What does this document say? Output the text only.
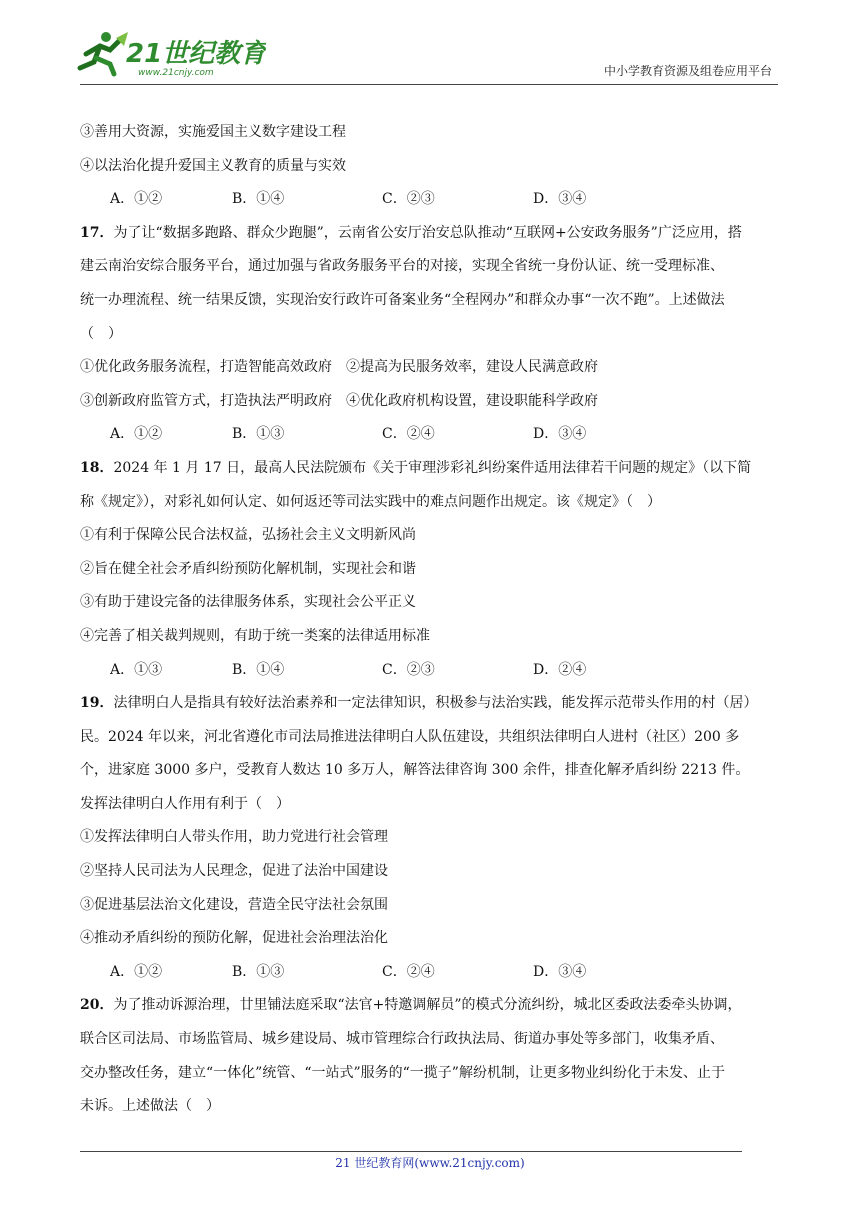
21世纪教育
www.21cnjy.com	中小学教育资源及组卷应用平台
③善用大资源，实施爱国主义数字建设工程
④以法治化提升爱国主义教育的质量与实效
A．①②	B．①④	C．②③	D．③④
17．为了让“数据多跑路、群众少跑腿”，云南省公安厅治安总队推动“互联网+公安政务服务”广泛应用，搭
建云南治安综合服务平台，通过加强与省政务服务平台的对接，实现全省统一身份认证、统一受理标准、
统一办理流程、统一结果反馈，实现治安行政许可备案业务“全程网办”和群众办事“一次不跑”。上述做法
（　）
①优化政务服务流程，打造智能高效政府　②提高为民服务效率，建设人民满意政府
③创新政府监管方式，打造执法严明政府　④优化政府机构设置，建设职能科学政府
A．①②	B．①③	C．②④	D．③④
18．2024 年 1 月 17 日，最高人民法院颁布《关于审理涉彩礼纠纷案件适用法律若干问题的规定》（以下简
称《规定》），对彩礼如何认定、如何返还等司法实践中的难点问题作出规定。该《规定》（　）
①有利于保障公民合法权益，弘扬社会主义文明新风尚
②旨在健全社会矛盾纠纷预防化解机制，实现社会和谐
③有助于建设完备的法律服务体系，实现社会公平正义
④完善了相关裁判规则，有助于统一类案的法律适用标准
A．①③	B．①④	C．②③	D．②④
19．法律明白人是指具有较好法治素养和一定法律知识，积极参与法治实践，能发挥示范带头作用的村（居）
民。2024 年以来，河北省遵化市司法局推进法律明白人队伍建设，共组织法律明白人进村（社区）200 多
个，进家庭 3000 多户，受教育人数达 10 多万人，解答法律咨询 300 余件，排查化解矛盾纠纷 2213 件。
发挥法律明白人作用有利于（　）
①发挥法律明白人带头作用，助力党进行社会管理
②坚持人民司法为人民理念，促进了法治中国建设
③促进基层法治文化建设，营造全民守法社会氛围
④推动矛盾纠纷的预防化解，促进社会治理法治化
A．①②	B．①③	C．②④	D．③④
20．为了推动诉源治理，廿里铺法庭采取“法官+特邀调解员”的模式分流纠纷，城北区委政法委牵头协调，
联合区司法局、市场监管局、城乡建设局、城市管理综合行政执法局、街道办事处等多部门，收集矛盾、
交办整改任务，建立“一体化”统管、“一站式”服务的“一揽子”解纷机制，让更多物业纠纷化于未发、止于
未诉。上述做法（　）
21 世纪教育网(www.21cnjy.com)
